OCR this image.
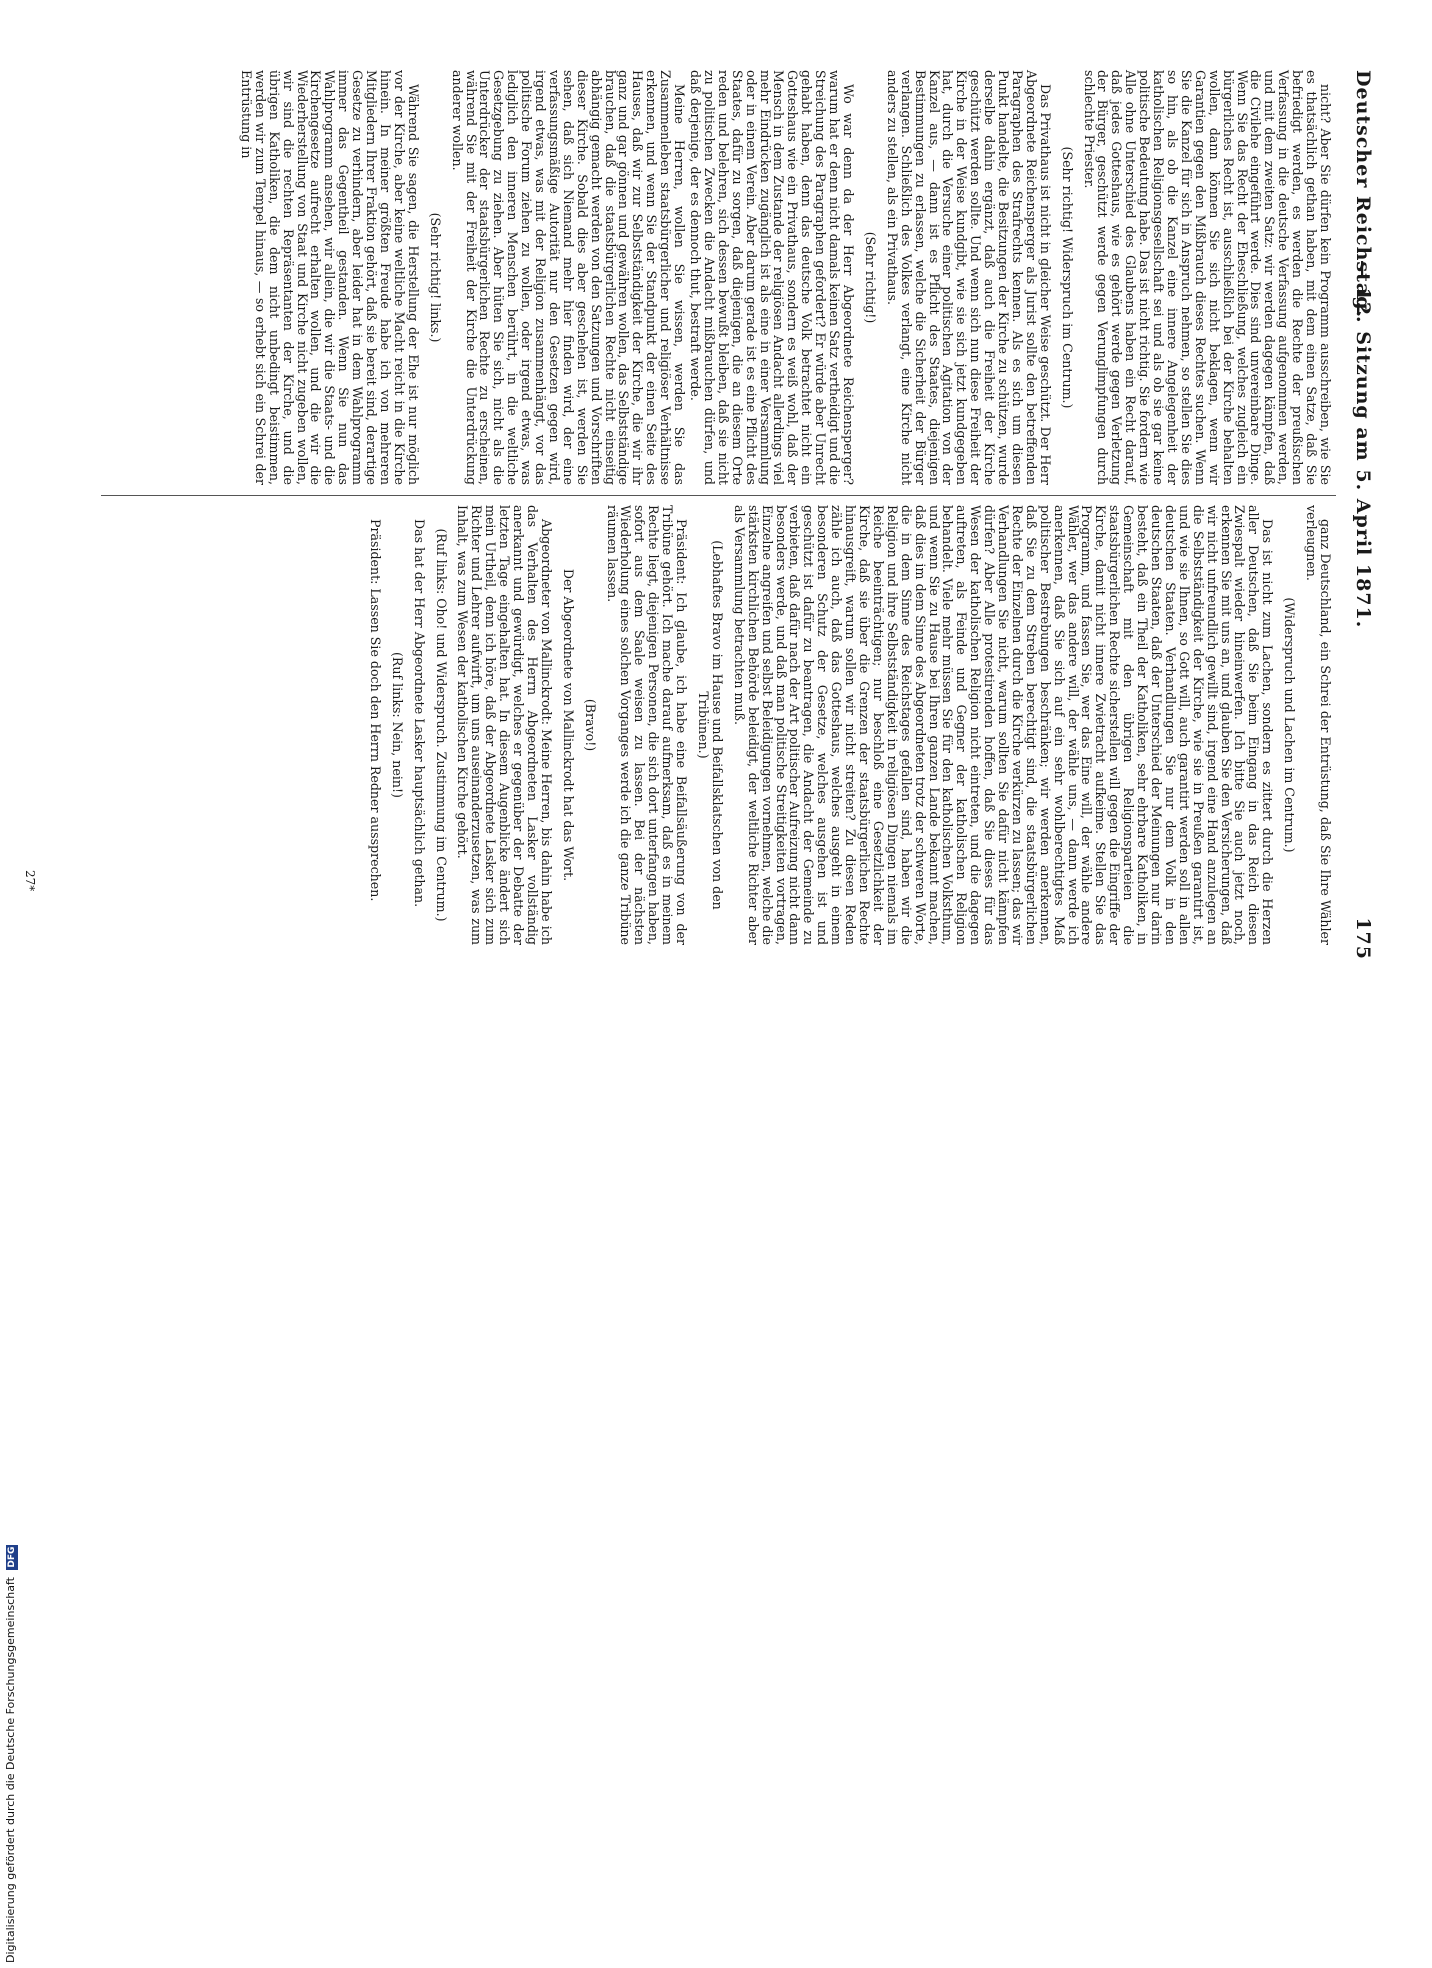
Deutscher Reichstag.
— 12. Sitzung am 5. April 1871.
175

nicht? Aber Sie dürfen kein Programm ausschreiben, wie Sie es thatsächlich gethan haben, mit dem einen Satze, daß Sie befriedigt werden, es werden die Rechte der preußischen Verfassung in die deutsche Verfassung aufgenommen werden, und mit dem zweiten Satz: wir werden dagegen kämpfen, daß die Civilehe eingeführt werde. Dies sind unvereinbare Dinge. Wenn Sie das Recht der Eheschließung, welches zugleich ein bürgerliches Recht ist, ausschließlich bei der Kirche behalten wollen, dann können Sie sich nicht beklagen, wenn wir Garantien gegen den Mißbrauch dieses Rechtes suchen. Wenn Sie die Kanzel für sich in Anspruch nehmen, so stellen Sie dies so hin, als ob die Kanzel eine innere Angelegenheit der katholischen Religionsgesellschaft sei und als ob sie gar keine politische Bedeutung habe. Das ist nicht richtig. Sie fordern wie Alle ohne Unterschied des Glaubens haben ein Recht darauf, daß jedes Gotteshaus, wie es gehört werde gegen Verletzung der Bürger, geschützt werde gegen Verunglimpfungen durch schlechte Priester.

(Sehr richtig! Widerspruch im Centrum.)

Das Privathaus ist nicht in gleicher Weise geschützt. Der Herr Abgeordnete Reichensperger als Jurist sollte den betreffenden Paragraphen des Strafrechts kennen. Als es sich um diesen Punkt handelte, die Besitzungen der Kirche zu schützen, wurde derselbe dahin ergänzt, daß auch die Freiheit der Kirche geschützt werden sollte. Und wenn sich nun diese Freiheit der Kirche in der Weise kundgibt, wie sie sich jetzt kundgegeben hat, durch die Versuche einer politischen Agitation von der Kanzel aus, — dann ist es Pflicht des Staates, diejenigen Bestimmungen zu erlassen, welche die Sicherheit der Bürger verlangen. Schließlich des Volkes verlangt, eine Kirche nicht anders zu stellen, als ein Privathaus.

(Sehr richtig!)

Wo war denn da der Herr Abgeordnete Reichensperger? warum hat er denn nicht damals keinen Satz vertheidigt und die Streichung des Paragraphen gefordert? Er würde aber Unrecht gehabt haben, denn das deutsche Volk betrachtet nicht ein Gotteshaus wie ein Privathaus, sondern es weiß wohl, daß der Mensch in dem Zustande der religiösen Andacht allerdings viel mehr Eindrücken zugänglich ist als eine in einer Versammlung oder in einem Verein. Aber darum gerade ist es eine Pflicht des Staates, dafür zu sorgen, daß diejenigen, die an diesem Orte reden und belehren, sich dessen bewußt bleiben, daß sie nicht zu politischen Zwecken die Andacht mißbrauchen dürfen, und daß derjenige, der es dennoch thut, bestraft werde.

Meine Herren, wollen Sie wissen, werden Sie das Zusammenleben staatsbürgerlicher und religiöser Verhältnisse erkennen, und wenn Sie der Standpunkt der einen Seite des Hauses, daß wir zur Selbstständigkeit der Kirche, die wir ihr ganz und gar gönnen und gewähren wollen, das Selbstständige brauchen, daß die staatsbürgerlichen Rechte nicht einseitig abhängig gemacht werden von den Satzungen und Vorschriften dieser Kirche. Sobald dies aber geschehen ist, werden Sie sehen, daß sich Niemand mehr hier finden wird, der eine verfassungsmäßige Autorität nur den Gesetzen gegen wird, irgend etwas, was mit der Religion zusammenhängt, vor das politische Forum ziehen zu wollen, oder irgend etwas, was lediglich den inneren Menschen berührt, in die weltliche Gesetzgebung zu ziehen. Aber hüten Sie sich, nicht als die Unterdrücker der staatsbürgerlichen Rechte zu erscheinen, während Sie mit der Freiheit der Kirche die Unterdrückung anderer wollen.

(Sehr richtig! links.)

Während Sie sagen, die Herstellung der Ehe ist nur möglich vor der Kirche, aber keine weltliche Macht reicht in die Kirche hinein. In meiner größten Freude habe ich von mehreren Mitgliedern Ihrer Fraktion gehört, daß sie bereit sind, derartige Gesetze zu verhindern, aber leider hat in dem Wahlprogramm immer das Gegentheil gestanden. Wenn Sie nun das Wahlprogramm ansehen, wir allein, die wir die Staats- und die Kirchengesetze aufrecht erhalten wollen, und die wir die Wiederherstellung von Staat und Kirche nicht zugeben wollen, wir sind die rechten Repräsentanten der Kirche, und die übrigen Katholiken, die dem nicht unbedingt beistimmen, werden wir zum Tempel hinaus, — so erhebt sich ein Schrei der Entrüstung in

ganz Deutschland, ein Schrei der Entrüstung, daß Sie Ihre Wähler verleugnen.

(Widerspruch und Lachen im Centrum.)

Das ist nicht zum Lachen, sondern es zittert durch die Herzen aller Deutschen, daß Sie beim Eingang in das Reich diesen Zwiespalt wieder hineinwerfen. Ich bitte Sie auch jetzt noch, erkennen Sie mit uns an, und glauben Sie den Versicherungen, daß wir nicht unfreundlich gewillt sind, irgend eine Hand anzulegen an die Selbstständigkeit der Kirche, wie sie in Preußen garantirt ist, und wie sie Ihnen, so Gott will, auch garantirt werden soll in allen deutschen Staaten. Verhandlungen Sie nur dem Volk in den deutschen Staaten, daß der Unterschied der Meinungen nur darin besteht, daß ein Theil der Katholiken, sehr ehrbare Katholiken, in Gemeinschaft mit den übrigen Religionsparteien die staatsbürgerlichen Rechte sicherstellen will gegen die Eingriffe der Kirche, damit nicht innere Zwietracht aufkeime. Stellen Sie das Programm, und fassen Sie, wer das Eine will, der wähle andere Wähler, wer das andere will, der wähle uns, — dann werde ich anerkennen, daß Sie sich auf ein sehr wohlberechtigtes Maß politischer Bestrebungen beschränken; wir werden anerkennen, daß Sie zu dem Streben berechtigt sind, die staatsbürgerlichen Rechte der Einzelnen durch die Kirche verkürzen zu lassen; das wir Verhandlungen Sie nicht, warum sollten Sie dafür nicht kämpfen dürfen? Aber Alle protestirenden hoffen, daß Sie dieses für das Wesen der katholischen Religion nicht eintreten, und die dagegen auftreten, als Feinde und Gegner der katholischen Religion behandelt. Viele mehr müssen Sie für den katholischen Volksthum, und wenn Sie zu Hause bei Ihren ganzen Lande bekannt machen, daß dies im dem Sinne des Abgeordneten trotz der schweren Worte, die in dem Sinne des Reichstages gefallen sind, haben wir die Religion und ihre Selbstständigkeit in religiösen Dingen niemals im Reiche beeinträchtigen; nur beschloß eine Gesetzlichkeit der Kirche, daß sie über die Grenzen der staatsbürgerlichen Rechte hinausgreift, warum sollen wir nicht streiten? Zu diesen Reden zähle ich auch, daß das Gotteshaus, welches ausgeht in einem besonderen Schutz der Gesetze, welches ausgehen ist und geschützt ist dafür zu beantragen, die Andacht der Gemeinde zu verbieten, daß dafür nach der Art politischer Aufreizung nicht dann besonders werde, und daß man politische Streitigkeiten vortragen, Einzelne angreifen und selbst Beleidigungen vornehmen, welche die stärksten kirchlichen Behörde beleidigt, der weltliche Richter aber als Versammlung betrachten muß.

(Lebhaftes Bravo im Hause und Beifallsklatschen von den Tribünen.)

Präsident: Ich glaube, ich habe eine Beifallsäußerung von der Tribüne gehört. Ich mache darauf aufmerksam, daß es in meinem Rechte liegt, diejenigen Personen, die sich dort unterfangen haben, sofort aus dem Saale weisen zu lassen. Bei der nächsten Wiederholung eines solchen Vorganges werde ich die ganze Tribüne räumen lassen.

(Bravo!)

Der Abgeordnete von Mallinckrodt hat das Wort.

Abgeordneter von Mallinckrodt: Meine Herren, bis dahin habe ich das Verhalten des Herrn Abgeordneten Lasker vollständig anerkannt und gewürdigt, welches er gegenüber der Debatte der letzten Tage eingehalten hat. In diesem Augenblicke ändert sich mein Urtheil, denn ich höre, daß der Abgeordnete Lasker sich zum Richter und Lehrer aufwirft, um uns auseinanderzusetzen, was zum Inhalt, was zum Wesen der katholischen Kirche gehört.

(Ruf links: Oho! und Widerspruch. Zustimmung im Centrum.)

Das hat der Herr Abgeordnete Lasker hauptsächlich gethan.

(Ruf links: Nein, nein!)

Präsident: Lassen Sie doch den Herrn Redner aussprechen.

27*
Digitalisierung gefördert durch die Deutsche Forschungsgemeinschaft DFG
